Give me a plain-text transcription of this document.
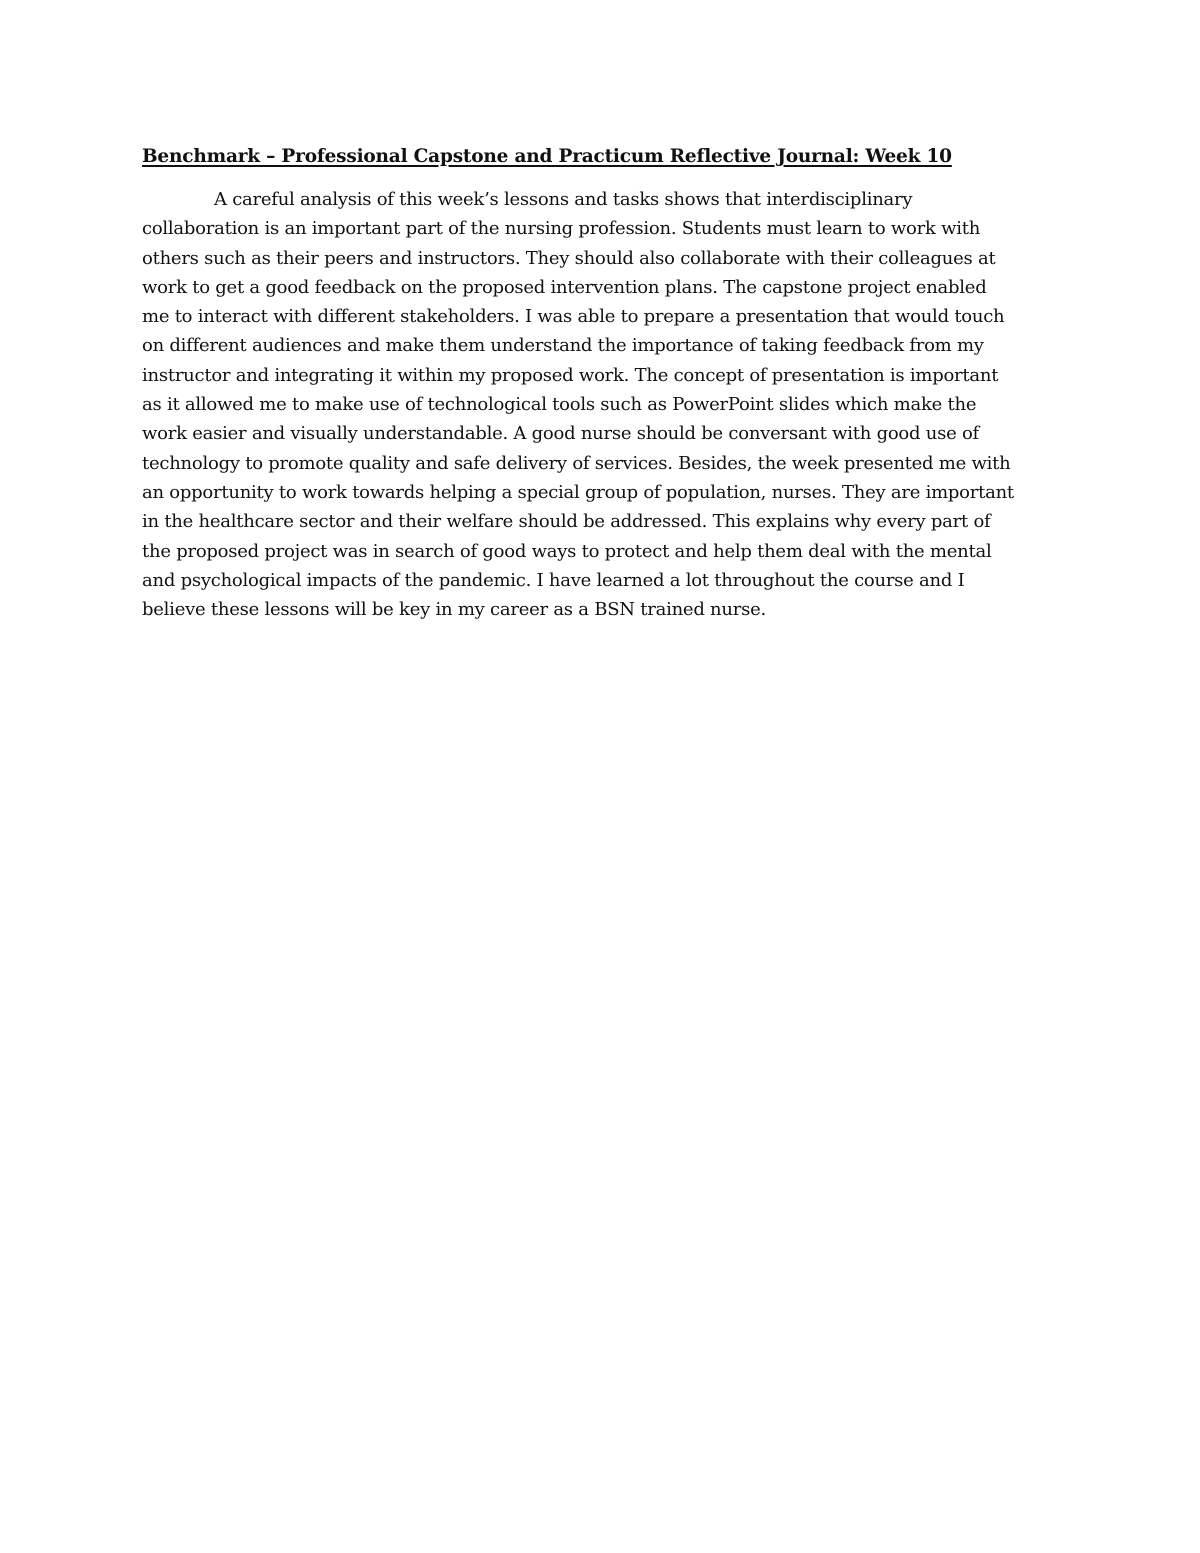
Benchmark – Professional Capstone and Practicum Reflective Journal: Week 10
A careful analysis of this week’s lessons and tasks shows that interdisciplinary
collaboration is an important part of the nursing profession. Students must learn to work with
others such as their peers and instructors. They should also collaborate with their colleagues at
work to get a good feedback on the proposed intervention plans. The capstone project enabled
me to interact with different stakeholders. I was able to prepare a presentation that would touch
on different audiences and make them understand the importance of taking feedback from my
instructor and integrating it within my proposed work. The concept of presentation is important
as it allowed me to make use of technological tools such as PowerPoint slides which make the
work easier and visually understandable. A good nurse should be conversant with good use of
technology to promote quality and safe delivery of services. Besides, the week presented me with
an opportunity to work towards helping a special group of population, nurses. They are important
in the healthcare sector and their welfare should be addressed. This explains why every part of
the proposed project was in search of good ways to protect and help them deal with the mental
and psychological impacts of the pandemic. I have learned a lot throughout the course and I
believe these lessons will be key in my career as a BSN trained nurse.
